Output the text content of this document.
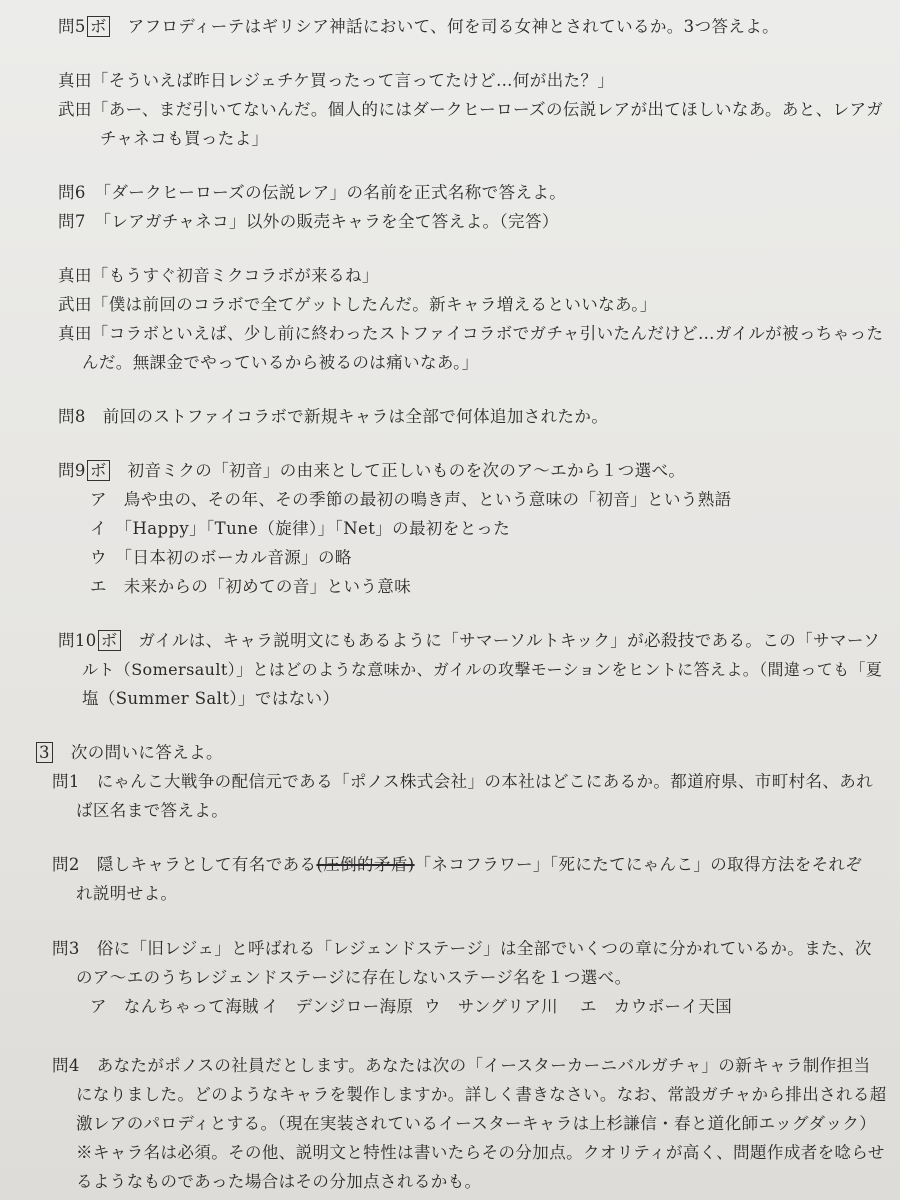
問5 ボ　 アフロディーテはギリシア神話において、何を司る女神とされているか。3つ答えよ。
真田「そういえば昨日レジェチケ買ったって言ってたけど…何が出た？」
武田「あー、まだ引いてないんだ。個人的にはダークヒーローズの伝説レアが出てほしいなあ。あと、レアガ
チャネコも買ったよ」
問6　「ダークヒーローズの伝説レア」の名前を正式名称で答えよ。
問7　「レアガチャネコ」以外の販売キャラを全て答えよ。（完答）
真田「もうすぐ初音ミクコラボが来るね」
武田「僕は前回のコラボで全てゲットしたんだ。新キャラ増えるといいなあ。」
真田「コラボといえば、少し前に終わったストファイコラボでガチャ引いたんだけど…ガイルが被っちゃった
んだ。無課金でやっているから被るのは痛いなあ。」
問8　前回のストファイコラボで新規キャラは全部で何体追加されたか。
問9 ボ　 初音ミクの「初音」の由来として正しいものを次のア～エから１つ選べ。
ア　鳥や虫の、その年、その季節の最初の鳴き声、という意味の「初音」という熟語
イ　「Happy」「Tune（旋律）」「Net」の最初をとった
ウ　「日本初のボーカル音源」の略
エ　未来からの「初めての音」という意味
問10 ボ　 ガイルは、キャラ説明文にもあるように「サマーソルトキック」が必殺技である。この「サマーソ
ルト（Somersault）」とはどのような意味か、ガイルの攻撃モーションをヒントに答えよ。（間違っても「夏
塩（Summer Salt）」ではない）
3　 次の問いに答えよ。
問1　にゃんこ大戦争の配信元である「ポノス株式会社」の本社はどこにあるか。都道府県、市町村名、あれ
ば区名まで答えよ。
問2　隠しキャラとして有名である(圧倒的矛盾)「ネコフラワー」「死にたてにゃんこ」の取得方法をそれぞ
れ説明せよ。
問3　俗に「旧レジェ」と呼ばれる「レジェンドステージ」は全部でいくつの章に分かれているか。また、次
のア～エのうちレジェンドステージに存在しないステージ名を１つ選べ。
ア　なんちゃって海賊 イ　デンジロー海原 ウ　サングリア川 エ　カウボーイ天国
問4　あなたがポノスの社員だとします。あなたは次の「イースターカーニバルガチャ」の新キャラ制作担当
になりました。どのようなキャラを製作しますか。詳しく書きなさい。なお、常設ガチャから排出される超
激レアのパロディとする。（現在実装されているイースターキャラは上杉謙信・春と道化師エッグダック）
※キャラ名は必須。その他、説明文と特性は書いたらその分加点。クオリティが高く、問題作成者を唸らせ
るようなものであった場合はその分加点されるかも。
